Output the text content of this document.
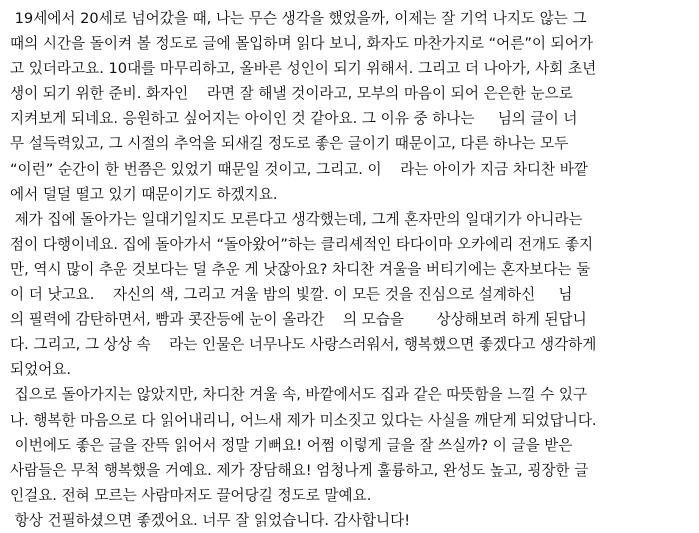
19세에서 20세로 넘어갔을 때, 나는 무슨 생각을 했었을까, 이제는 잘 기억 나지도 않는 그
때의 시간을 돌이켜 볼 정도로 글에 몰입하며 읽다 보니, 화자도 마찬가지로 “어른”이 되어가
고 있더라고요. 10대를 마무리하고, 올바른 성인이 되기 위해서. 그리고 더 나아가, 사회 초년
생이 되기 위한 준비. 화자인    라면 잘 해낼 것이라고, 모부의 마음이 되어 은은한 눈으로
지켜보게 되네요. 응원하고 싶어지는 아이인 것 같아요. 그 이유 중 하나는     님의 글이 너
무 설득력있고, 그 시절의 추억을 되새길 정도로 좋은 글이기 때문이고, 다른 하나는 모두
“이런” 순간이 한 번쯤은 있었기 때문일 것이고, 그리고. 이    라는 아이가 지금 차디찬 바깥
에서 덜덜 떨고 있기 때문이기도 하겠지요.
제가 집에 돌아가는 일대기일지도 모른다고 생각했는데, 그게 혼자만의 일대기가 아니라는
점이 다행이네요. 집에 돌아가서 “돌아왔어”하는 클리셰적인 타다이마 오카에리 전개도 좋지
만, 역시 많이 추운 것보다는 덜 추운 게 낫잖아요? 차디찬 겨울을 버티기에는 혼자보다는 둘
이 더 낫고요.    자신의 색, 그리고 겨울 밤의 빛깔. 이 모든 것을 진심으로 설계하신     님
의 필력에 감탄하면서, 빰과 콧잔등에 눈이 올라간    의 모습을       상상해보려 하게 된답니
다. 그리고, 그 상상 속    라는 인물은 너무나도 사랑스러워서, 행복했으면 좋겠다고 생각하게
되었어요.
집으로 돌아가지는 않았지만, 차디찬 겨울 속, 바깥에서도 집과 같은 따뜻함을 느낄 수 있구
나. 행복한 마음으로 다 읽어내리니, 어느새 제가 미소짓고 있다는 사실을 깨닫게 되었답니다.
이번에도 좋은 글을 잔뜩 읽어서 정말 기뻐요! 어쩜 이렇게 글을 잘 쓰실까? 이 글을 받은
사람들은 무척 행복했을 거예요. 제가 장담해요! 엄청나게 훌륭하고, 완성도 높고, 굉장한 글
인걸요. 전혀 모르는 사람마저도 끌어당길 정도로 말예요.
항상 건필하셨으면 좋겠어요. 너무 잘 읽었습니다. 감사합니다!
